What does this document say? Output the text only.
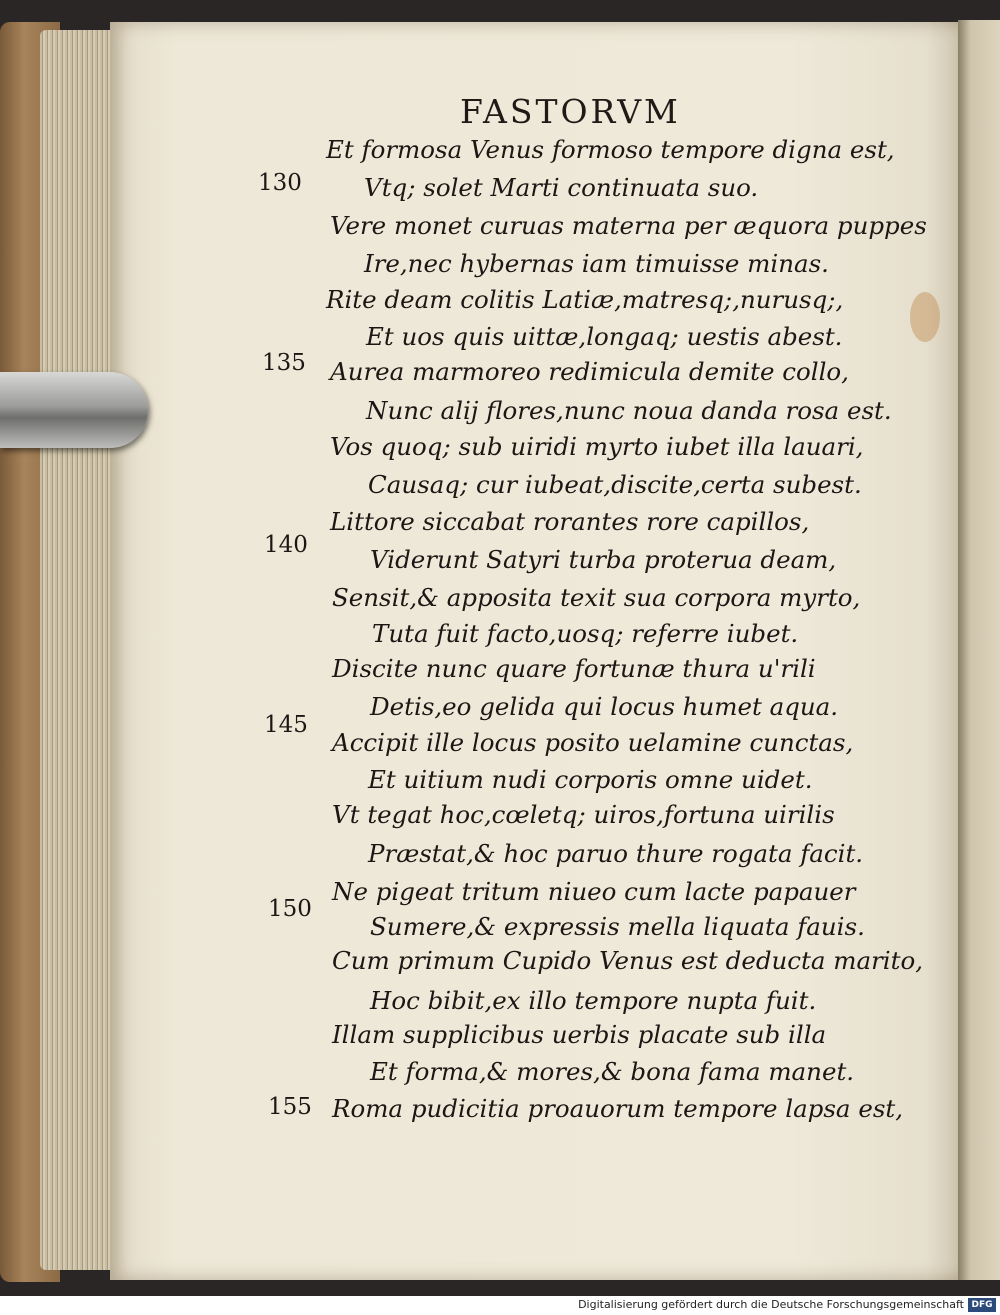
FASTORVM
Et formosa Venus formoso tempore digna est,
Vtq; solet Marti continuata suo.
130
Vere monet curuas materna per æquora puppes
Ire,nec hybernas iam timuisse minas.
Rite deam colitis Latiæ,matresq;,nurusq;,
Et uos quis uittæ,longaq; uestis abest.
Aurea marmoreo redimicula demite collo,
135
Nunc alij flores,nunc noua danda rosa est.
Vos quoq; sub uiridi myrto iubet illa lauari,
Causaq; cur iubeat,discite,certa subest.
Littore siccabat rorantes rore capillos,
Viderunt Satyri turba proterua deam,
140
Sensit,& apposita texit sua corpora myrto,
Tuta fuit facto,uosq; referre iubet.
Discite nunc quare fortunæ thura u'rili
Detis,eo gelida qui locus humet aqua.
Accipit ille locus posito uelamine cunctas,
145
Et uitium nudi corporis omne uidet.
Vt tegat hoc,cœletq; uiros,fortuna uirilis
Præstat,& hoc paruo thure rogata facit.
Ne pigeat tritum niueo cum lacte papauer
Sumere,& expressis mella liquata fauis.
150
Cum primum Cupido Venus est deducta marito,
Hoc bibit,ex illo tempore nupta fuit.
Illam supplicibus uerbis placate sub illa
Et forma,& mores,& bona fama manet.
Roma pudicitia proauorum tempore lapsa est,
155
Digitalisierung gefördert durch die Deutsche Forschungsgemeinschaft DFG
